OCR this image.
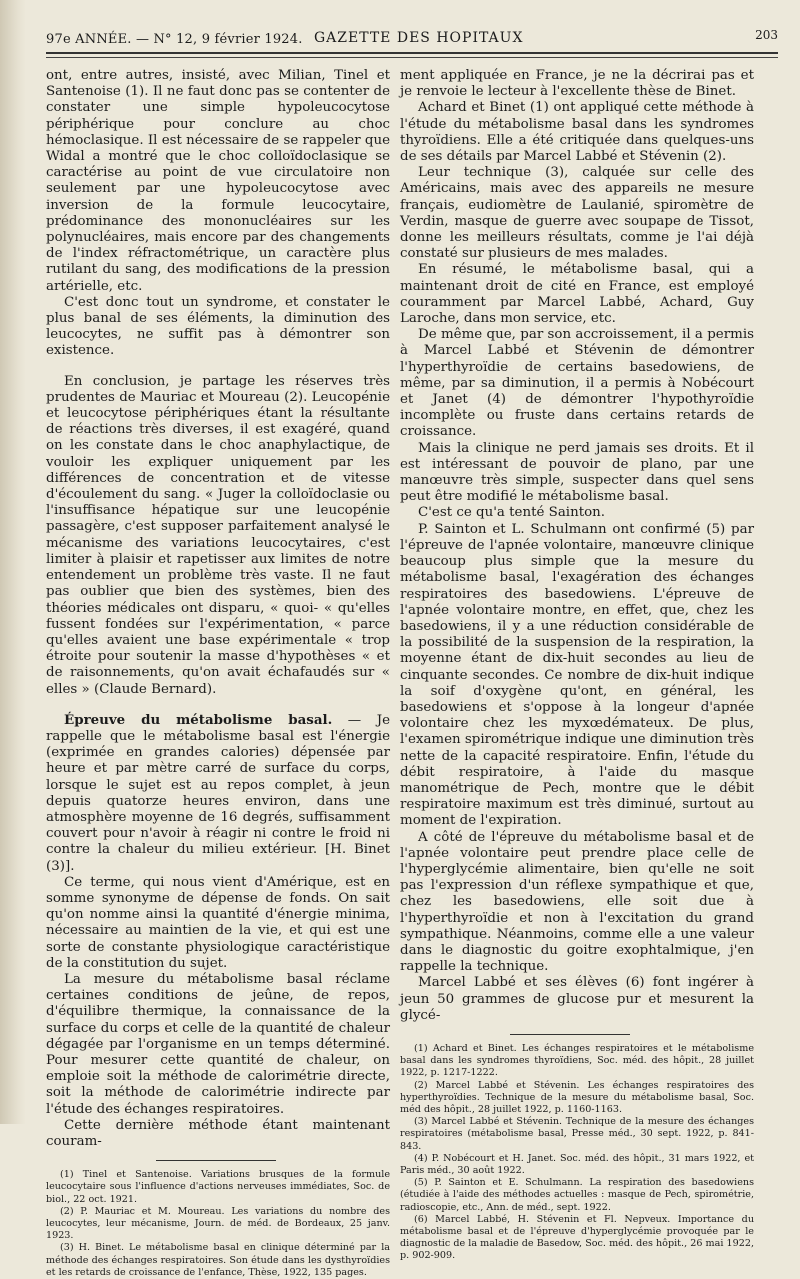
97e ANNÉE. — N° 12, 9 février 1924. GAZETTE DES HOPITAUX	203

ont, entre autres, insisté, avec Milian, Tinel et Santenoise (1). Il ne faut donc pas se contenter de constater une simple hypoleucocytose périphérique pour conclure au choc hémoclasique. Il est nécessaire de se rappeler que Widal a montré que le choc colloïdoclasique se caractérise au point de vue circulatoire non seulement par une hypoleucocytose avec inversion de la formule leucocytaire, prédominance des mononucléaires sur les polynucléaires, mais encore par des changements de l'index réfractométrique, un caractère plus rutilant du sang, des modifications de la pression artérielle, etc.

C'est donc tout un syndrome, et constater le plus banal de ses éléments, la diminution des leucocytes, ne suffit pas à démontrer son existence.

En conclusion, je partage les réserves très prudentes de Mauriac et Moureau (2). Leucopénie et leucocytose périphériques étant la résultante de réactions très diverses, il est exagéré, quand on les constate dans le choc anaphylactique, de vouloir les expliquer uniquement par les différences de concentration et de vitesse d'écoulement du sang. « Juger la colloïdoclasie ou l'insuffisance hépatique sur une leucopénie passagère, c'est supposer parfaitement analysé le mécanisme des variations leucocytaires, c'est limiter à plaisir et rapetisser aux limites de notre entendement un problème très vaste. Il ne faut pas oublier que bien des systèmes, bien des théories médicales ont disparu, « quoi- « qu'elles fussent fondées sur l'expérimentation, « parce qu'elles avaient une base expérimentale « trop étroite pour soutenir la masse d'hypothèses « et de raisonnements, qu'on avait échafaudés sur « elles » (Claude Bernard).

Épreuve du métabolisme basal. — Je rappelle que le métabolisme basal est l'énergie (exprimée en grandes calories) dépensée par heure et par mètre carré de surface du corps, lorsque le sujet est au repos complet, à jeun depuis quatorze heures environ, dans une atmosphère moyenne de 16 degrés, suffisamment couvert pour n'avoir à réagir ni contre le froid ni contre la chaleur du milieu extérieur. [H. Binet (3)].

Ce terme, qui nous vient d'Amérique, est en somme synonyme de dépense de fonds. On sait qu'on nomme ainsi la quantité d'énergie minima, nécessaire au maintien de la vie, et qui est une sorte de constante physiologique caractéristique de la constitution du sujet.

La mesure du métabolisme basal réclame certaines conditions de jeûne, de repos, d'équilibre thermique, la connaissance de la surface du corps et celle de la quantité de chaleur dégagée par l'organisme en un temps déterminé. Pour mesurer cette quantité de chaleur, on emploie soit la méthode de calorimétrie directe, soit la méthode de calorimétrie indirecte par l'étude des échanges respiratoires.

Cette dernière méthode étant maintenant couram-

(1) Tinel et Santenoise. Variations brusques de la formule leucocytaire sous l'influence d'actions nerveuses immédiates, Soc. de biol., 22 oct. 1921.

(2) P. Mauriac et M. Moureau. Les variations du nombre des leucocytes, leur mécanisme, Journ. de méd. de Bordeaux, 25 janv. 1923.

(3) H. Binet. Le métabolisme basal en clinique déterminé par la méthode des échanges respiratoires. Son étude dans les dysthyroïdies et les retards de croissance de l'enfance, Thèse, 1922, 135 pages.

ment appliquée en France, je ne la décrirai pas et je renvoie le lecteur à l'excellente thèse de Binet.

Achard et Binet (1) ont appliqué cette méthode à l'étude du métabolisme basal dans les syndromes thyroïdiens. Elle a été critiquée dans quelques-uns de ses détails par Marcel Labbé et Stévenin (2).

Leur technique (3), calquée sur celle des Américains, mais avec des appareils ne mesure français, eudiomètre de Laulanié, spiromètre de Verdin, masque de guerre avec soupape de Tissot, donne les meilleurs résultats, comme je l'ai déjà constaté sur plusieurs de mes malades.

En résumé, le métabolisme basal, qui a maintenant droit de cité en France, est employé couramment par Marcel Labbé, Achard, Guy Laroche, dans mon service, etc.

De même que, par son accroissement, il a permis à Marcel Labbé et Stévenin de démontrer l'hyperthyroïdie de certains basedowiens, de même, par sa diminution, il a permis à Nobécourt et Janet (4) de démontrer l'hypothyroïdie incomplète ou fruste dans certains retards de croissance.

Mais la clinique ne perd jamais ses droits. Et il est intéressant de pouvoir de plano, par une manœuvre très simple, suspecter dans quel sens peut être modifié le métabolisme basal.

C'est ce qu'a tenté Sainton.

P. Sainton et L. Schulmann ont confirmé (5) par l'épreuve de l'apnée volontaire, manœuvre clinique beaucoup plus simple que la mesure du métabolisme basal, l'exagération des échanges respiratoires des basedowiens. L'épreuve de l'apnée volontaire montre, en effet, que, chez les basedowiens, il y a une réduction considérable de la possibilité de la suspension de la respiration, la moyenne étant de dix-huit secondes au lieu de cinquante secondes. Ce nombre de dix-huit indique la soif d'oxygène qu'ont, en général, les basedowiens et s'oppose à la longeur d'apnée volontaire chez les myxœdémateux. De plus, l'examen spirométrique indique une diminution très nette de la capacité respiratoire. Enfin, l'étude du débit respiratoire, à l'aide du masque manométrique de Pech, montre que le débit respiratoire maximum est très diminué, surtout au moment de l'expiration.

A côté de l'épreuve du métabolisme basal et de l'apnée volontaire peut prendre place celle de l'hyperglycémie alimentaire, bien qu'elle ne soit pas l'expression d'un réflexe sympathique et que, chez les basedowiens, elle soit due à l'hyperthyroïdie et non à l'excitation du grand sympathique. Néanmoins, comme elle a une valeur dans le diagnostic du goitre exophtalmique, j'en rappelle la technique.

Marcel Labbé et ses élèves (6) font ingérer à jeun 50 grammes de glucose pur et mesurent la glycé-

(1) Achard et Binet. Les échanges respiratoires et le métabolisme basal dans les syndromes thyroïdiens, Soc. méd. des hôpit., 28 juillet 1922, p. 1217-1222.

(2) Marcel Labbé et Stévenin. Les échanges respiratoires des hyperthyroïdies. Technique de la mesure du métabolisme basal, Soc. méd des hôpit., 28 juillet 1922, p. 1160-1163.

(3) Marcel Labbé et Stévenin. Technique de la mesure des échanges respiratoires (métabolisme basal, Presse méd., 30 sept. 1922, p. 841-843.

(4) P. Nobécourt et H. Janet. Soc. méd. des hôpit., 31 mars 1922, et Paris méd., 30 août 1922.

(5) P. Sainton et E. Schulmann. La respiration des basedowiens (étudiée à l'aide des méthodes actuelles : masque de Pech, spirométrie, radioscopie, etc., Ann. de méd., sept. 1922.

(6) Marcel Labbé, H. Stévenin et Fl. Nepveux. Importance du métabolisme basal et de l'épreuve d'hyperglycémie provoquée par le diagnostic de la maladie de Basedow, Soc. méd. des hôpit., 26 mai 1922, p. 902-909.
